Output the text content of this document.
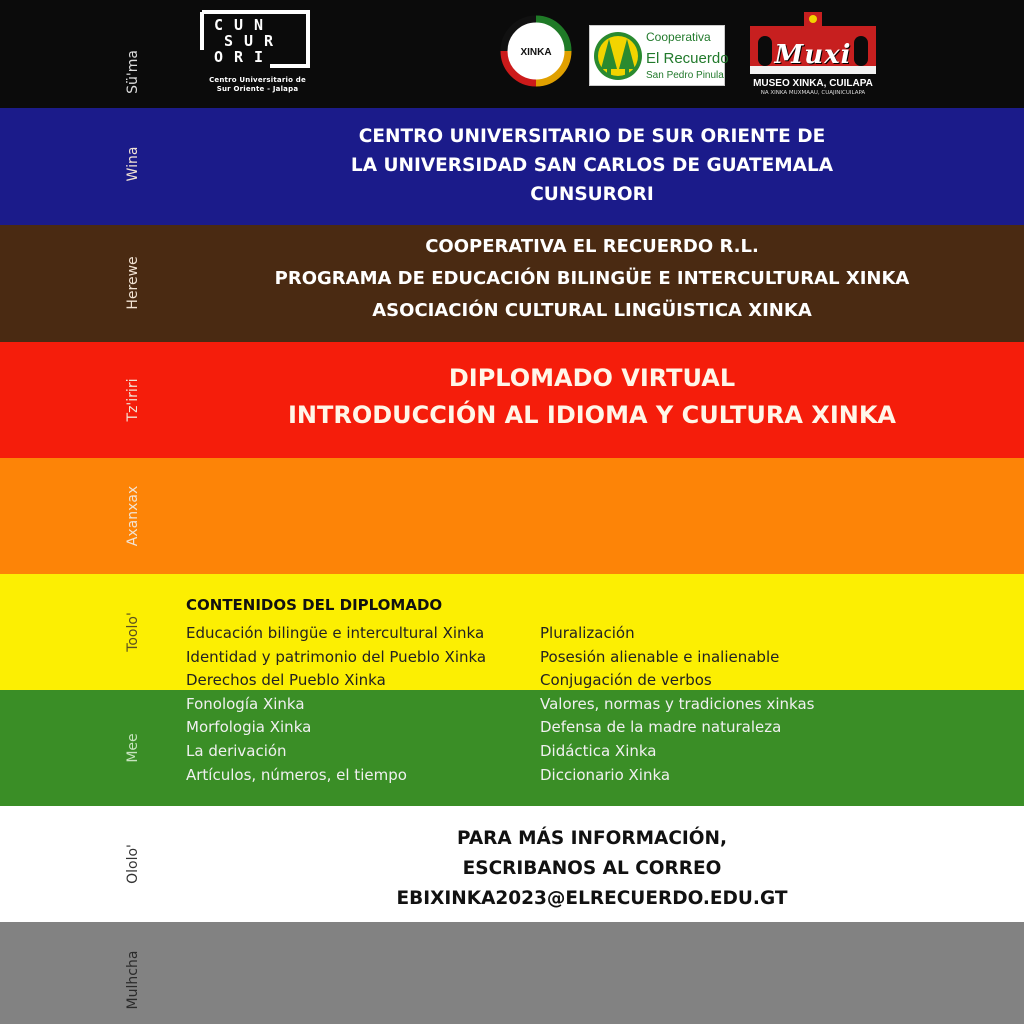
Sü'ma
C U N
S U R
O R I
Centro Universitario de
Sur Oriente - Jalapa
XINKA
Cooperativa
El Recuerdo
San Pedro Pinula
Muxi
MUSEO XINKA, CUILAPA
NA XINKA MUXMAAU, CUAJINICUILAPA
Wina
CENTRO UNIVERSITARIO DE SUR ORIENTE DE
LA UNIVERSIDAD SAN CARLOS DE GUATEMALA
CUNSURORI
Herewe
COOPERATIVA EL RECUERDO R.L.
PROGRAMA DE EDUCACIÓN BILINGÜE E INTERCULTURAL XINKA
ASOCIACIÓN CULTURAL LINGÜISTICA XINKA
Tz'iriri
DIPLOMADO VIRTUAL
INTRODUCCIÓN AL IDIOMA Y CULTURA XINKA
Axanxax
Toolo'
Mee
Ololo'
PARA MÁS INFORMACIÓN,
ESCRIBANOS AL CORREO
EBIXINKA2023@ELRECUERDO.EDU.GT
Mulhcha
CONTENIDOS DEL DIPLOMADO
Educación bilingüe e intercultural Xinka
Identidad y patrimonio del Pueblo Xinka
Derechos del Pueblo Xinka
Fonología Xinka
Morfologia Xinka
La derivación
Artículos, números, el tiempo
Pluralización
Posesión alienable e inalienable
Conjugación de verbos
Valores, normas y tradiciones xinkas
Defensa de la madre naturaleza
Didáctica Xinka
Diccionario Xinka
